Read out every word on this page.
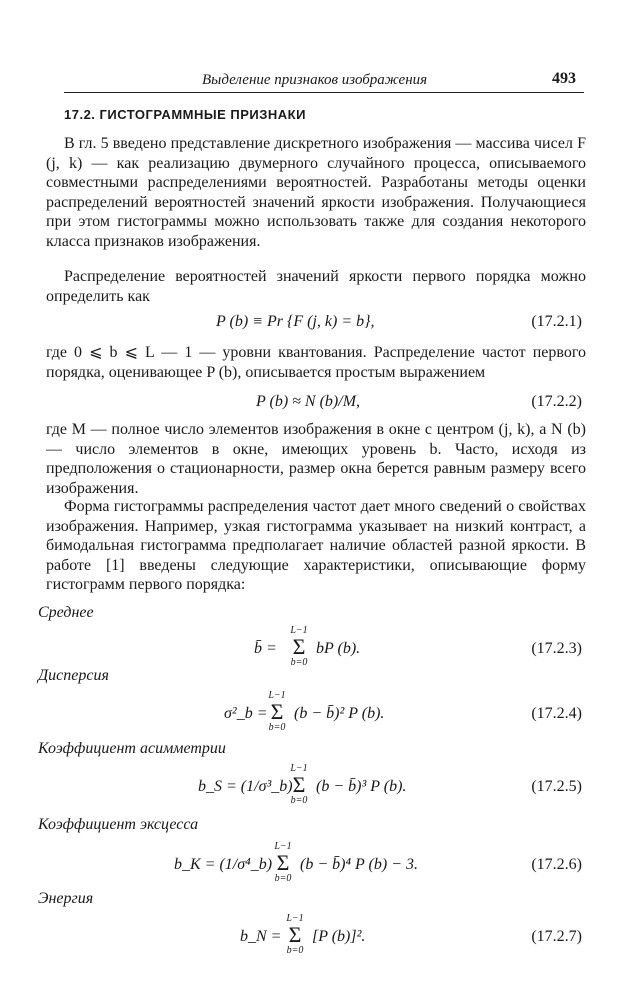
Выделение признаков изображения	493
17.2. ГИСТОГРАММНЫЕ ПРИЗНАКИ
В гл. 5 введено представление дискретного изображения — массива чисел F (j, k) — как реализацию двумерного случайного процесса, описываемого совместными распределениями вероятностей. Разработаны методы оценки распределений вероятностей значений яркости изображения. Получающиеся при этом гистограммы можно использовать также для создания некоторого класса признаков изображения.
Распределение вероятностей значений яркости первого порядка можно определить как
P (b) ≡ Pr {F (j, k) = b},	(17.2.1)
где 0 ⩽ b ⩽ L — 1 — уровни квантования. Распределение частот первого порядка, оценивающее P (b), описывается простым выражением
P (b) ≈ N (b)/M,	(17.2.2)
где M — полное число элементов изображения в окне с центром (j, k), а N (b) — число элементов в окне, имеющих уровень b. Часто, исходя из предположения о стационарности, размер окна берется равным размеру всего изображения.
Форма гистограммы распределения частот дает много сведений о свойствах изображения. Например, узкая гистограмма указывает на низкий контраст, а бимодальная гистограмма предполагает наличие областей разной яркости. В работе [1] введены следующие характеристики, описывающие форму гистограмм первого порядка:
Среднее
b̄ =
L−1
Σ
b=0
bP (b).	(17.2.3)
Дисперсия
σ²_b =
L−1
Σ
b=0
(b − b̄)² P (b).	(17.2.4)
Коэффициент асимметрии
b_S = (1/σ³_b)
L−1
Σ
b=0
(b − b̄)³ P (b).	(17.2.5)
Коэффициент эксцесса
b_K = (1/σ⁴_b)
L−1
Σ
b=0
(b − b̄)⁴ P (b) − 3.	(17.2.6)
Энергия
b_N =
L−1
Σ
b=0
[P (b)]².	(17.2.7)
